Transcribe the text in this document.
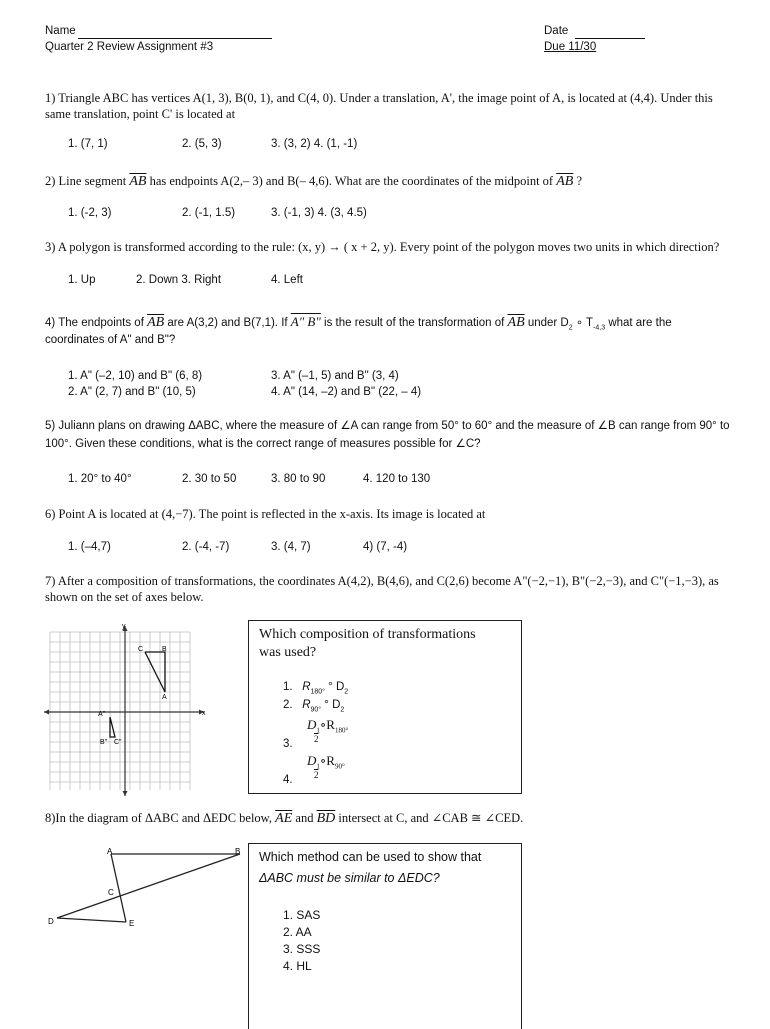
Name
Quarter 2 Review Assignment #3
Date
Due 11/30
1) Triangle ABC has vertices A(1, 3), B(0, 1), and C(4, 0). Under a translation, A', the image point of A, is located at (4,4). Under this
same translation, point C' is located at
1. (7, 1)	2. (5, 3)	3. (3, 2) 4. (1, -1)
2) Line segment $\overline{AB}$ has endpoints A(2,– 3) and B(– 4,6). What are the coordinates of the midpoint of $\overline{AB}$ ?
1. (-2, 3)	2. (-1, 1.5)	3. (-1, 3) 4. (3, 4.5)
3) A polygon is transformed according to the rule: (x, y) → ( x + 2, y). Every point of the polygon moves two units in which direction?
1. Up	2. Down 3. Right	4. Left
4) The endpoints of $\overline{AB}$ are A(3,2) and B(7,1). If A" B" is the result of the transformation of $\overline{AB}$ under $D_2$ ∘ $T_{-4,3}$ what are the
coordinates of A" and B"?
1. A" (–2, 10) and B" (6, 8)
2. A" (2, 7) and B" (10, 5)
3. A" (–1, 5) and B" (3, 4)
4. A" (14, –2) and B" (22, – 4)
5) Juliann plans on drawing ΔABC, where the measure of ∠A can range from 50° to 60° and the measure of ∠B can range from 90° to
100°. Given these conditions, what is the correct range of measures possible for ∠C?
1. 20° to 40°	2. 30 to 50	3. 80 to 90	4. 120 to 130
6) Point A is located at (4,−7). The point is reflected in the x-axis. Its image is located at
1. (–4,7)	2. (-4, -7)	3. (4, 7)	4) (7, -4)
7) After a composition of transformations, the coordinates A(4,2), B(4,6), and C(2,6) become A"(−2,−1), B"(−2,−3), and C"(−1,−3), as
shown on the set of axes below.
y
x
C	B
A
A"
B" C"
Which composition of transformations
was used?
1. $R_{180^\circ}$ ° $D_2$
2. $R_{90^\circ}$ ° $D_2$
3.
$D_1\circ R_{180^\circ}$
2
4.
$D_1\circ R_{90^\circ}$
2
8)In the diagram of ΔABC and ΔEDC below, $\overline{AE}$ and $\overline{BD}$ intersect at C, and ∠CAB ≅ ∠CED.
A	B
C
D	E
Which method can be used to show that
ΔABC must be similar to ΔEDC?
1. SAS
2. AA
3. SSS
4. HL
